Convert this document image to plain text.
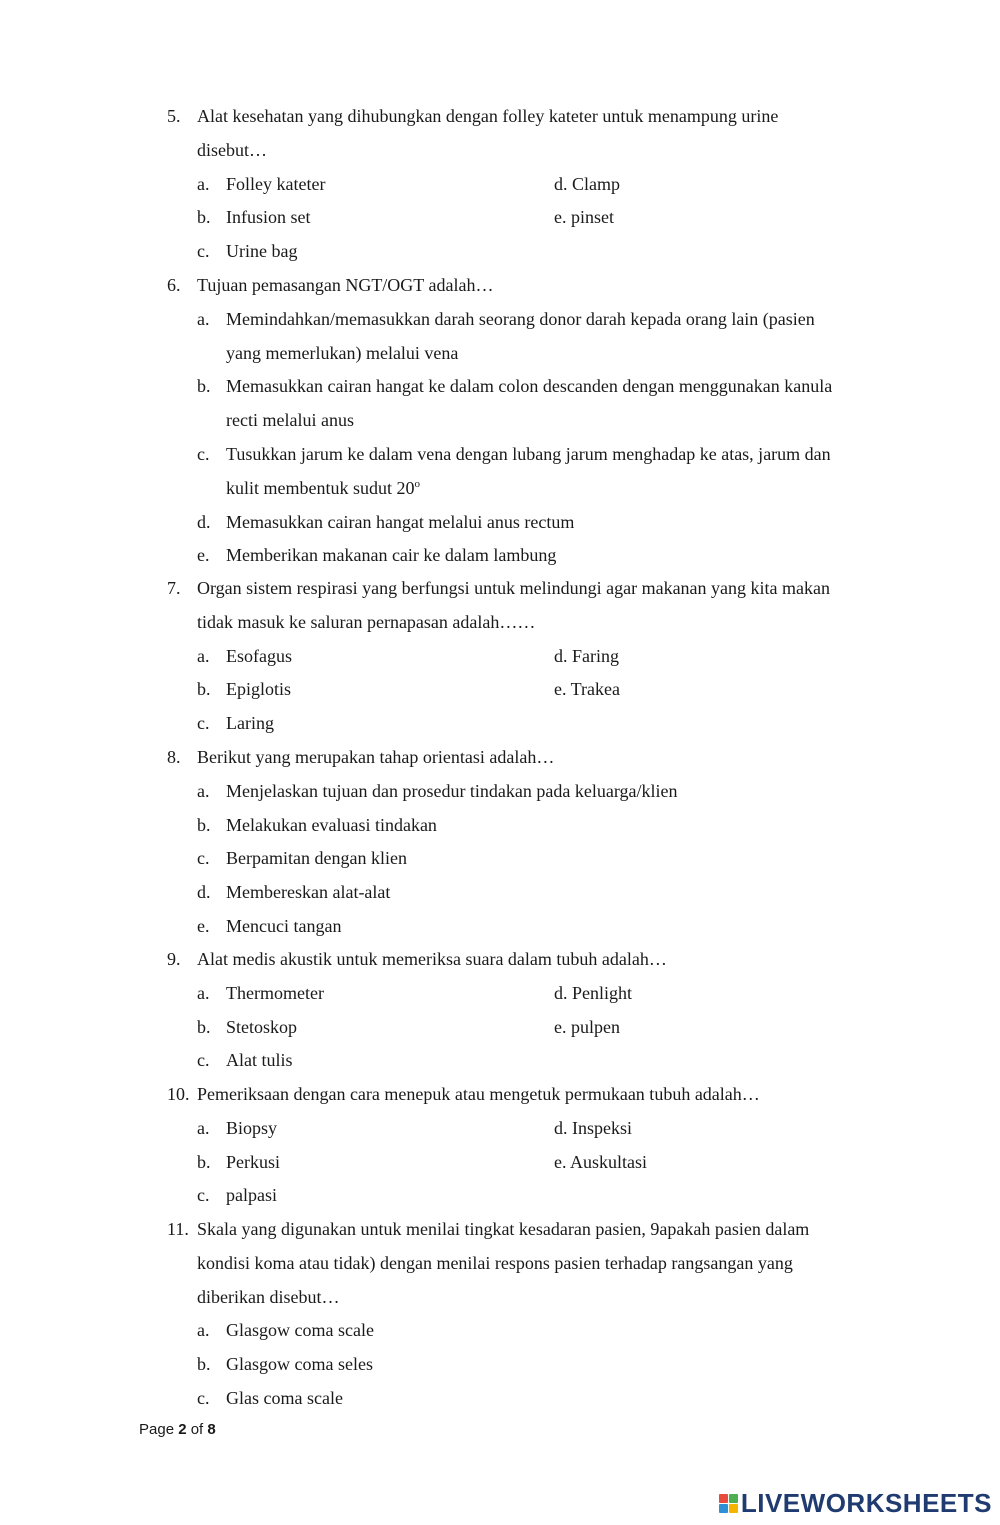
5. Alat kesehatan yang dihubungkan dengan folley kateter untuk menampung urine
disebut…
a. Folley kateter	d. Clamp
b. Infusion set	e. pinset
c. Urine bag
6. Tujuan pemasangan NGT/OGT adalah…
a. Memindahkan/memasukkan darah seorang donor darah kepada orang lain (pasien
yang memerlukan) melalui vena
b. Memasukkan cairan hangat ke dalam colon descanden dengan menggunakan kanula
recti melalui anus
c. Tusukkan jarum ke dalam vena dengan lubang jarum menghadap ke atas, jarum dan
kulit membentuk sudut 20$^o$
d. Memasukkan cairan hangat melalui anus rectum
e. Memberikan makanan cair ke dalam lambung
7. Organ sistem respirasi yang berfungsi untuk melindungi agar makanan yang kita makan
tidak masuk ke saluran pernapasan adalah……
a. Esofagus	d. Faring
b. Epiglotis	e. Trakea
c. Laring
8. Berikut yang merupakan tahap orientasi adalah…
a. Menjelaskan tujuan dan prosedur tindakan pada keluarga/klien
b. Melakukan evaluasi tindakan
c. Berpamitan dengan klien
d. Membereskan alat-alat
e. Mencuci tangan
9. Alat medis akustik untuk memeriksa suara dalam tubuh adalah…
a. Thermometer	d. Penlight
b. Stetoskop	e. pulpen
c. Alat tulis
10. Pemeriksaan dengan cara menepuk atau mengetuk permukaan tubuh adalah…
a. Biopsy	d. Inspeksi
b. Perkusi	e. Auskultasi
c. palpasi
11. Skala yang digunakan untuk menilai tingkat kesadaran pasien, 9apakah pasien dalam
kondisi koma atau tidak) dengan menilai respons pasien terhadap rangsangan yang
diberikan disebut…
a. Glasgow coma scale
b. Glasgow coma seles
c. Glas coma scale
Page 2 of 8
LIVEWORKSHEETS
